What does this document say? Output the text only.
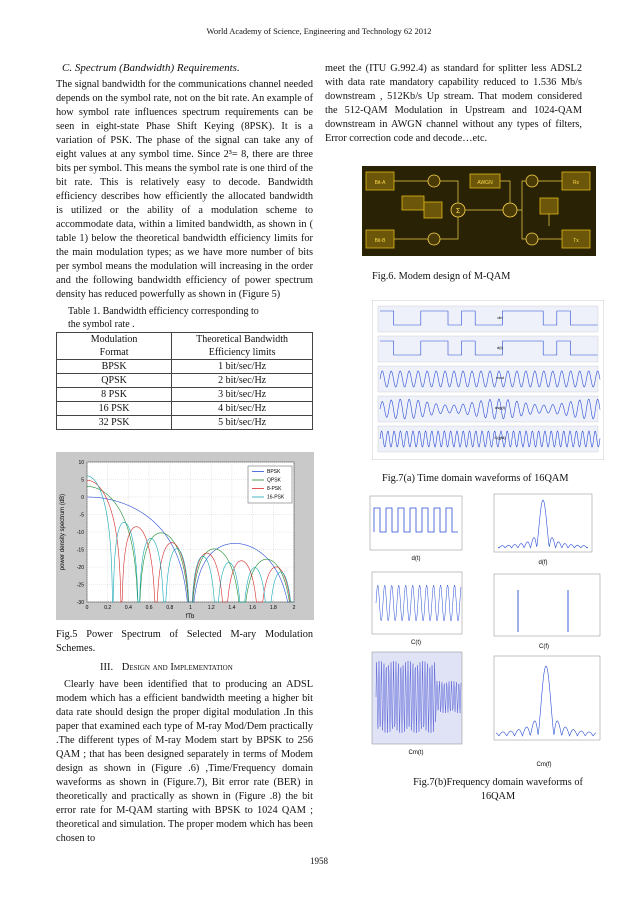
World Academy of Science, Engineering and Technology 62 2012
C. Spectrum (Bandwidth) Requirements.
The signal bandwidth for the communications channel needed depends on the symbol rate, not on the bit rate. An example of how symbol rate influences spectrum requirements can be seen in eight-state Phase Shift Keying (8PSK). It is a variation of PSK. The phase of the signal can take any of eight values at any symbol time. Since 2³= 8, there are three bits per symbol. This means the symbol rate is one third of the bit rate. This is relatively easy to decode. Bandwidth efficiency describes how efficiently the allocated bandwidth is utilized or the ability of a modulation scheme to accommodate data, within a limited bandwidth, as shown in ( table 1) below the theoretical bandwidth efficiency limits for the main modulation types; as we have more number of bits per symbol means the modulation will increasing in the order and the following bandwidth efficiency of power spectrum density has reduced powerfully as shown in (Figure 5)
Table 1. Bandwidth efficiency corresponding to
the symbol rate .
Modulation	Theoretical Bandwidth
Format	Efficiency limits
BPSK	1 bit/sec/Hz
QPSK	2 bit/sec/Hz
8 PSK	3 bit/sec/Hz
16 PSK	4 bit/sec/Hz
32 PSK	5 bit/sec/Hz
0	0.2	0.4	0.6	0.8	1	1.2	1.4	1.6	1.8	2
10
5
0
-5
-10
-15
-20
-25
-30
fTb
power density spectrum (dB)
BPSK
QPSK
8-PSK
16-PSK
Fig.5 Power Spectrum of Selected M-ary Modulation Schemes.
III. Design and Implementation
Clearly have been identified that to producing an ADSL modem which has a efficient bandwidth meeting a higher bit data rate should design the proper digital modulation .In this paper that examined each type of M-ray Mod/Dem practically .The different types of M-ray Modem start by BPSK to 256 QAM ; that has been designed separately in terms of Modem design as shown in (Figure .6) ,Time/Frequency domain waveforms as shown in (Figure.7), Bit error rate (BER) in theoretically and practically as shown in (Figure .8) the bit error rate for M-QAM starting with BPSK to 1024 QAM ; theoretical and simulation. The proper modem which has been chosen to
meet the (ITU G.992.4) as standard for splitter less ADSL2 with data rate mandatory capability reduced to 1.536 Mb/s downstream , 512Kb/s Up stream. That modem considered the 512-QAM Modulation in Upstream and 1024-QAM downstream in AWGN channel without any types of filters, Error correction code and decode…etc.
Bit-A
Bit-B
Σ
AWGN	Rx
Tx
Fig.6. Modem design of M-QAM
din
d(t)
mod
dsg(t)
C(gfd)
Fig.7(a) Time domain waveforms of 16QAM
d(t)
d(f)
C(t)
C(f)
Cm(t)
Cm(f)
Fig.7(b)Frequency domain waveforms of
16QAM
1958
